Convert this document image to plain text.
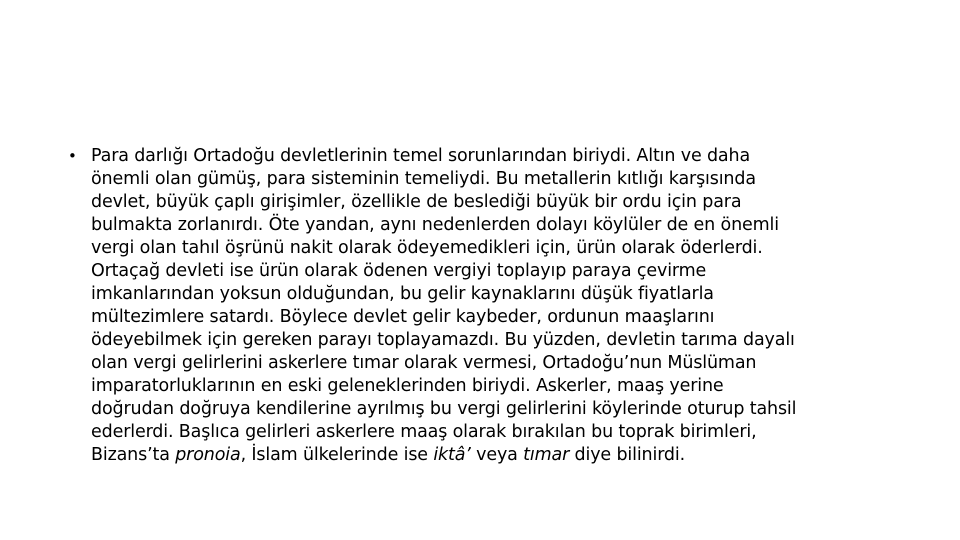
• Para darlığı Ortadoğu devletlerinin temel sorunlarından biriydi. Altın ve daha
önemli olan gümüş, para sisteminin temeliydi. Bu metallerin kıtlığı karşısında
devlet, büyük çaplı girişimler, özellikle de beslediği büyük bir ordu için para
bulmakta zorlanırdı. Öte yandan, aynı nedenlerden dolayı köylüler de en önemli
vergi olan tahıl öşrünü nakit olarak ödeyemedikleri için, ürün olarak öderlerdi.
Ortaçağ devleti ise ürün olarak ödenen vergiyi toplayıp paraya çevirme
imkanlarından yoksun olduğundan, bu gelir kaynaklarını düşük fiyatlarla
mültezimlere satardı. Böylece devlet gelir kaybeder, ordunun maaşlarını
ödeyebilmek için gereken parayı toplayamazdı. Bu yüzden, devletin tarıma dayalı
olan vergi gelirlerini askerlere tımar olarak vermesi, Ortadoğu’nun Müslüman
imparatorluklarının en eski geleneklerinden biriydi. Askerler, maaş yerine
doğrudan doğruya kendilerine ayrılmış bu vergi gelirlerini köylerinde oturup tahsil
ederlerdi. Başlıca gelirleri askerlere maaş olarak bırakılan bu toprak birimleri,
Bizans’ta pronoia, İslam ülkelerinde ise iktâ’ veya tımar diye bilinirdi.
